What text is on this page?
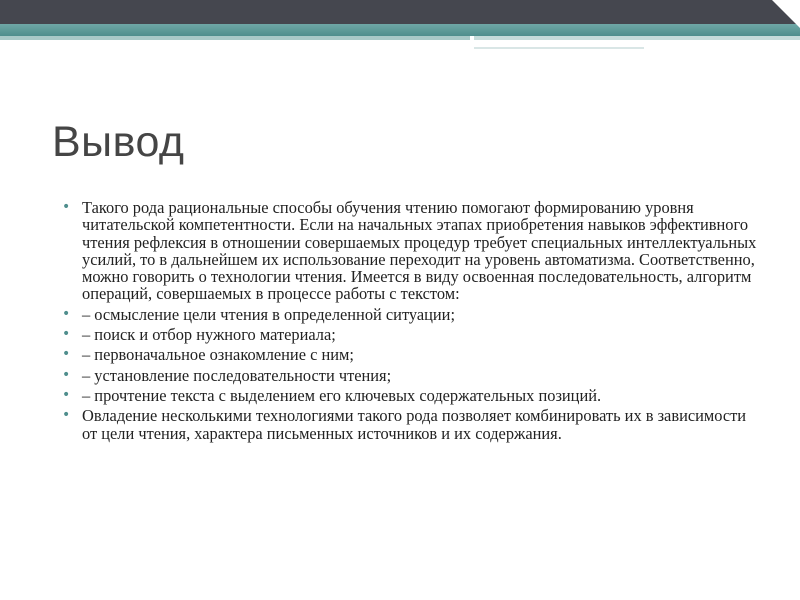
Вывод
• Такого рода рациональные способы обучения чтению помогают формированию уровня читательской компетентности. Если на начальных этапах приобретения навыков эффективного чтения рефлексия в отношении совершаемых процедур требует специальных интеллектуальных усилий, то в дальнейшем их использование переходит на уровень автоматизма. Соответственно, можно говорить о технологии чтения. Имеется в виду освоенная последовательность, алгоритм операций, совершаемых в процессе работы с текстом:
• – осмысление цели чтения в определенной ситуации;
• – поиск и отбор нужного материала;
• – первоначальное ознакомление с ним;
• – установление последовательности чтения;
• – прочтение текста с выделением его ключевых содержательных позиций.
• Овладение несколькими технологиями такого рода позволяет комбинировать их в зависимости от цели чтения, характера письменных источников и их содержания.
